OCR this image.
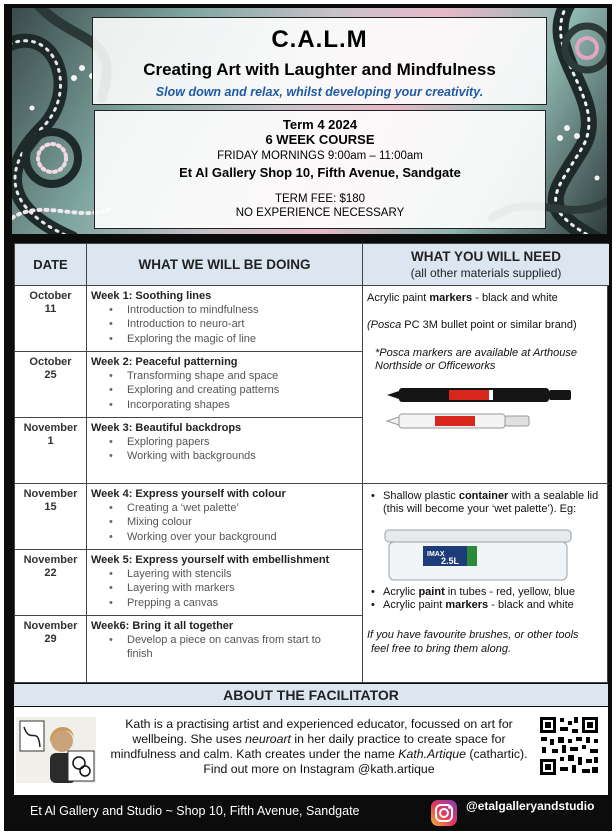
C.A.L.M
Creating Art with Laughter and Mindfulness
Slow down and relax, whilst developing your creativity.
Term 4 2024
6 WEEK COURSE
FRIDAY MORNINGS 9:00am – 11:00am
Et Al Gallery Shop 10, Fifth Avenue, Sandgate
TERM FEE: $180
NO EXPERIENCE NECESSARY
DATE	WHAT WE WILL BE DOING
WHAT YOU WILL NEED
(all other materials supplied)
October
11
Week 1: Soothing lines
• Introduction to mindfulness
• Introduction to neuro-art
• Exploring the magic of line
October
25
Week 2: Peaceful patterning
• Transforming shape and space
• Exploring and creating patterns
• Incorporating shapes
November
1
Week 3: Beautiful backdrops
• Exploring papers
• Working with backgrounds
November
15
Week 4: Express yourself with colour
• Creating a ‘wet palette’
• Mixing colour
• Working over your background
November
22
Week 5: Express yourself with embellishment
• Layering with stencils
• Layering with markers
• Prepping a canvas
November
29
Week6: Bring it all together
• Develop a piece on canvas from start to
finish
Acrylic paint markers - black and white
(Posca PC 3M bullet point or similar brand)
*Posca markers are available at Arthouse
Northside or Officeworks
• Shallow plastic container with a sealable lid
(this will become your ‘wet palette’). Eg:
IMAX
2.5L
• Acrylic paint in tubes - red, yellow, blue
• Acrylic paint markers - black and white
If you have favourite brushes, or other tools
feel free to bring them along.
ABOUT THE FACILITATOR
Kath is a practising artist and experienced educator, focussed on art for
wellbeing. She uses neuroart in her daily practice to create space for
mindfulness and calm. Kath creates under the name Kath.Artique (cathartic).
Find out more on Instagram @kath.artique
Et Al Gallery and Studio ~ Shop 10, Fifth Avenue, Sandgate	@etalgalleryandstudio
